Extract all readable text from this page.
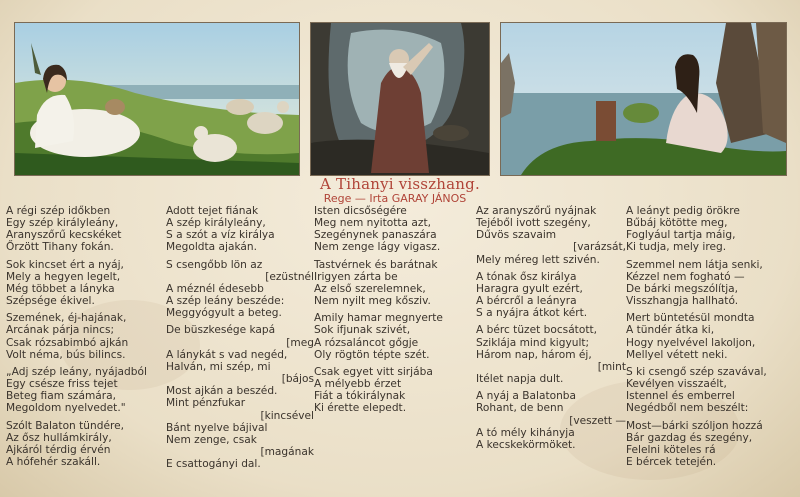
A Tihanyi visszhang.
Rege — Irta GARAY JÁNOS
A régi szép időkben
Egy szép királyleány,
Aranyszőrű kecskéket
Őrzött Tihany fokán.

Sok kincset ért a nyáj,
Mely a hegyen legelt,
Még többet a lányka
Szépsége ékivel.

Szemének, éj-hajának,
Arcának párja nincs;
Csak rózsabimbó ajkán
Volt néma, bús bilincs.

„Adj szép leány, nyájadból
Egy csésze friss tejet
Beteg fiam számára,
Megoldom nyelvedet."

Szólt Balaton tündére,
Az ősz hullámkirály,
Ajkáról térdig érvén
A hófehér szakáll.
Adott tejet fiának
A szép királyleány,
S a szót a víz királya
Megoldta ajakán.

S csengőbb lön az
[ezüstnél
A méznél édesebb
A szép leány beszéde:
Meggyógyult a beteg.

De büszkesége kapá
[meg
A lánykát s vad negéd,
Halván, mi szép, mi
[bájos
Most ajkán a beszéd.
Mint pénzfukar
[kincsével
Bánt nyelve bájival
Nem zenge, csak
[magának
E csattogányi dal.
Isten dicsőségére
Meg nem nyitotta azt,
Szegénynek panaszára
Nem zenge lágy vigasz.

Tastvérnek és barátnak
Irigyen zárta be
Az első szerelemnek,
Nem nyilt meg kősziv.

Amily hamar megnyerte
Sok ifjunak szivét,
A rózsaláncot gőgje
Oly rögtön tépte szét.

Csak egyet vitt sirjába
A mélyebb érzet
Fiát a tókirálynak
Ki érette elepedt.
Az aranyszőrű nyájnak
Tejéből ivott szegény,
Dűvös szavaim
[varázsát,
Mely méreg lett szivén.

A tónak ősz királya
Haragra gyult ezért,
A bércről a leányra
S a nyájra átkot kért.

A bérc tüzet bocsátott,
Sziklája mind kigyult;
Három nap, három éj,
[mint
Itélet napja dult.

A nyáj a Balatonba
Rohant, de benn
[veszett —
A tó mély kihányja
A kecskekörmöket.
A leányt pedig örökre
Bűbáj kötötte meg,
Foglyául tartja máig,
Ki tudja, mely ireg.

Szemmel nem látja senki,
Kézzel nem fogható —
De bárki megszólítja,
Visszhangja hallható.

Mert büntetésül mondta
A tündér átka ki,
Hogy nyelvével lakoljon,
Mellyel vétett neki.

S ki csengő szép szavával,
Kevélyen visszaélt,
Istennel és emberrel
Negédből nem beszélt:

Most—bárki szóljon hozzá
Bár gazdag és szegény,
Felelni köteles rá
E bércek tetején.
